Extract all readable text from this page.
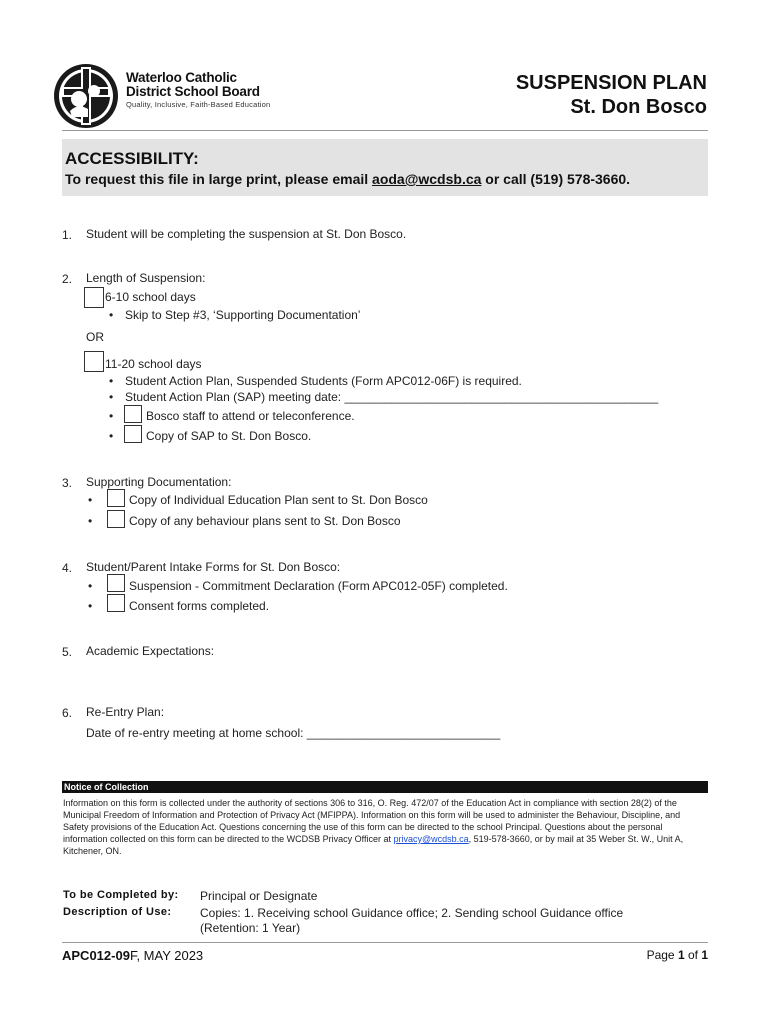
Waterloo Catholic
District School Board
Quality, Inclusive, Faith-Based Education
SUSPENSION PLAN
St. Don Bosco
ACCESSIBILITY:
To request this file in large print, please email aoda@wcdsb.ca or call (519) 578-3660.
1. Student will be completing the suspension at St. Don Bosco.
2. Length of Suspension:
6-10 school days
• Skip to Step #3, ‘Supporting Documentation’
OR
11-20 school days
• Student Action Plan, Suspended Students (Form APC012-06F) is required.
• Student Action Plan (SAP) meeting date: _______________________________________________
•	Bosco staff to attend or teleconference.
•	Copy of SAP to St. Don Bosco.
3. Supporting Documentation:
•	Copy of Individual Education Plan sent to St. Don Bosco
•	Copy of any behaviour plans sent to St. Don Bosco
4. Student/Parent Intake Forms for St. Don Bosco:
•	Suspension - Commitment Declaration (Form APC012-05F) completed.
•	Consent forms completed.
5. Academic Expectations:
6. Re-Entry Plan:
Date of re-entry meeting at home school: _____________________________
Notice of Collection
Information on this form is collected under the authority of sections 306 to 316, O. Reg. 472/07 of the Education Act in compliance with section 28(2) of the Municipal Freedom of Information and Protection of Privacy Act (MFIPPA). Information on this form will be used to administer the Behaviour, Discipline, and Safety provisions of the Education Act. Questions concerning the use of this form can be directed to the school Principal. Questions about the personal information collected on this form can be directed to the WCDSB Privacy Officer at privacy@wcdsb.ca, 519-578-3660, or by mail at 35 Weber St. W., Unit A, Kitchener, ON.
To be Completed by: Principal or Designate
Description of Use: Copies: 1. Receiving school Guidance office; 2. Sending school Guidance office
(Retention: 1 Year)
APC012-09F, MAY 2023	Page 1 of 1
